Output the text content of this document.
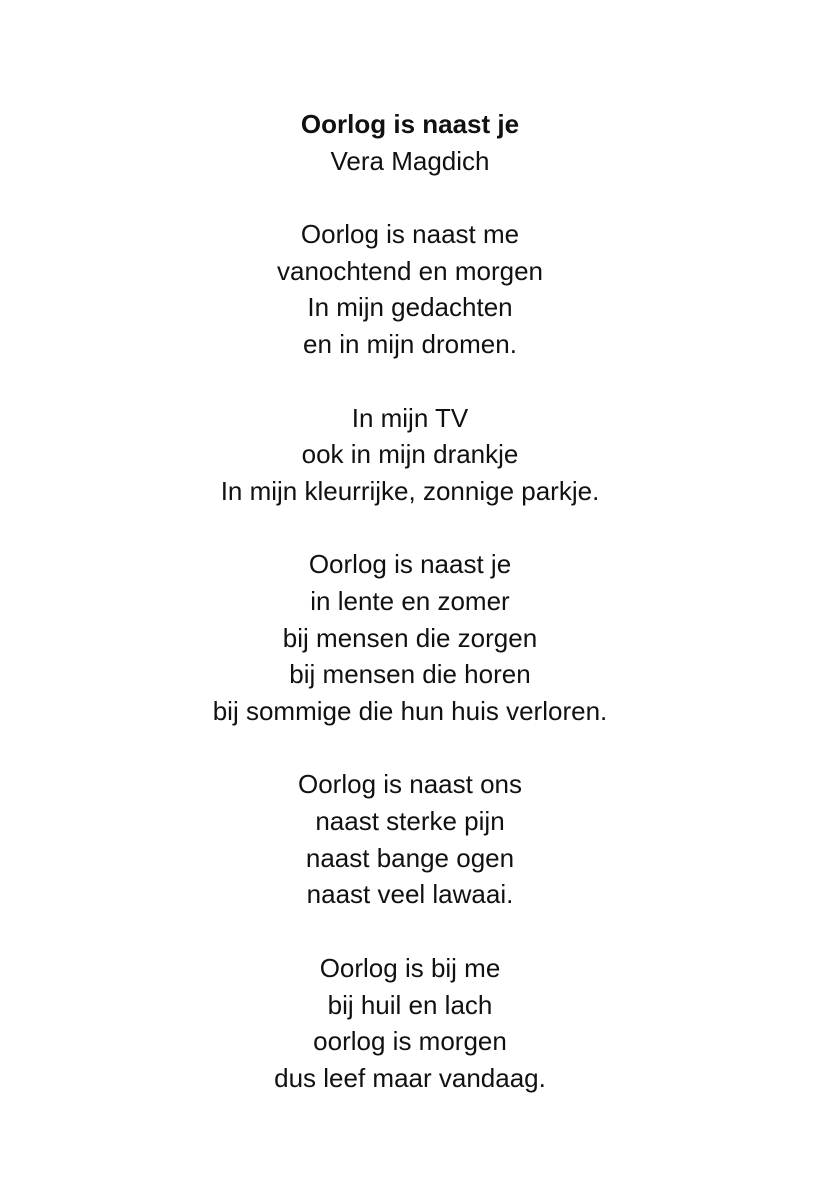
Oorlog is naast je
Vera Magdich
Oorlog is naast me
vanochtend en morgen
In mijn gedachten
en in mijn dromen.
In mijn TV
ook in mijn drankje
In mijn kleurrijke, zonnige parkje.
Oorlog is naast je
in lente en zomer
bij mensen die zorgen
bij mensen die horen
bij sommige die hun huis verloren.
Oorlog is naast ons
naast sterke pijn
naast bange ogen
naast veel lawaai.
Oorlog is bij me
bij huil en lach
oorlog is morgen
dus leef maar vandaag.
